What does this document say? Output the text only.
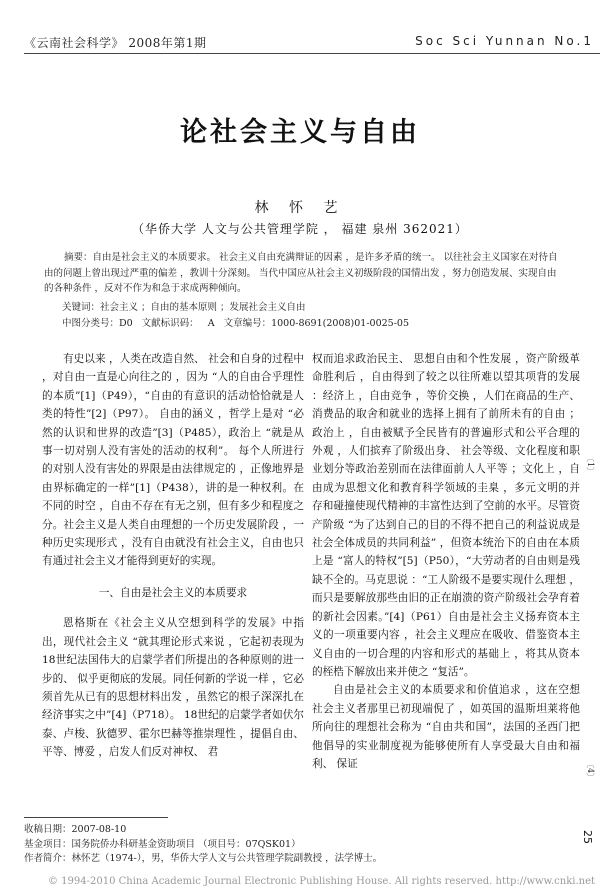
《云南社会科学》 2008年第1期	Soc Sci Yunnan No.1
论社会主义与自由
林 怀 艺
（华侨大学 人文与公共管理学院 ， 福建 泉州 362021）
摘要：自由是社会主义的本质要求。 社会主义自由充满辩证的因素 ，是许多矛盾的统一。 以往社会主义国家在对待自由的问题上曾出现过严重的偏差 ，教训十分深刻。 当代中国应从社会主义初级阶段的国情出发 ，努力创造发展、实现自由的各种条件 ，反对不作为和急于求成两种倾向。
关键词：社会主义 ；自由的基本原则 ；发展社会主义自由
中图分类号：D0 文献标识码： A 文章编号：1000-8691(2008)01-0025-05

有史以来 ，人类在改造自然、 社会和自身的过程中 ，对自由一直是心向往之的 ，因为 “人的自由合乎理性的本质”[1]（P49），“自由的有意识的活动恰恰就是人类的特性”[2]（P97）。 自由的涵义 ，哲学上是对 “必然的认识和世界的改造”[3]（P485），政治上 “就是从事一切对别人没有害处的活动的权利”。 每个人所进行的对别人没有害处的界限是由法律规定的 ，正像地界是由界标确定的一样”[1]（P438），讲的是一种权利。在不同的时空 ，自由不存在有无之别，但有多少和程度之分。社会主义是人类自由理想的一个历史发展阶段 ，一种历史实现形式 ，没有自由就没有社会主义，自由也只有通过社会主义才能得到更好的实现。

一、自由是社会主义的本质要求

恩格斯在《社会主义从空想到科学的发展》中指出，现代社会主义 “就其理论形式来说 ，它起初表现为 18世纪法国伟大的启蒙学者们所提出的各种原则的进一步的、 似乎更彻底的发展。同任何新的学说一样 ，它必须首先从已有的思想材料出发 ，虽然它的根子深深扎在经济事实之中”[4]（P718）。 18世纪的启蒙学者如伏尔泰、卢梭、狄德罗、霍尔巴赫等推崇理性 ，提倡自由、平等、博爱 ，启发人们反对神权、 君

权而追求政治民主、 思想自由和个性发展 ，资产阶级革命胜利后 ，自由得到了较之以往所难以望其项背的发展 ：经济上 ，自由竞争 ，等价交换 ，人们在商品的生产、 消费品的取舍和就业的选择上拥有了前所未有的自由 ；政治上 ，自由被赋予全民皆有的普遍形式和公平合理的外观 ，人们摈弃了阶级出身、 社会等级、文化程度和职业划分等政治差别而在法律面前人人平等 ；文化上 ，自由成为思想文化和教育科学领域的圭臬 ，多元文明的并存和碰撞使现代精神的丰富性达到了空前的水平。尽管资产阶级 “为了达到自己的目的不得不把自己的利益说成是社会全体成员的共同利益” ，但资本统治下的自由在本质上是 “富人的特权”[5]（P50），“大劳动者的自由则是残缺不全的。马克思说 ：“工人阶级不是要实现什么理想 ，而只是要解放那些由旧的正在崩溃的资产阶级社会孕育着的新社会因素。”[4]（P61）自由是社会主义扬弃资本主义的一项重要内容 ，社会主义理应在吸收、借鉴资本主义自由的一切合理的内容和形式的基础上 ，将其从资本的桎梏下解放出来并使之 “复活”。

自由是社会主义的本质要求和价值追求 ，这在空想社会主义者那里已初现端倪了 ，如英国的温斯坦莱将他所向往的理想社会称为 “自由共和国”，法国的圣西门把他倡导的实业制度视为能够使所有人享受最大自由和福利、 保证

收稿日期：2007-08-10
基金项目：国务院侨办科研基金资助项目 （项目号：07QSK01）
作者简介：林怀艺（1974-），男，华侨大学人文与公共管理学院副教授 ，法学博士。
〔1〕
〔4〕
© 1994-2010 China Academic Journal Electronic Publishing House. All rights reserved. http://www.cnki.net
25
